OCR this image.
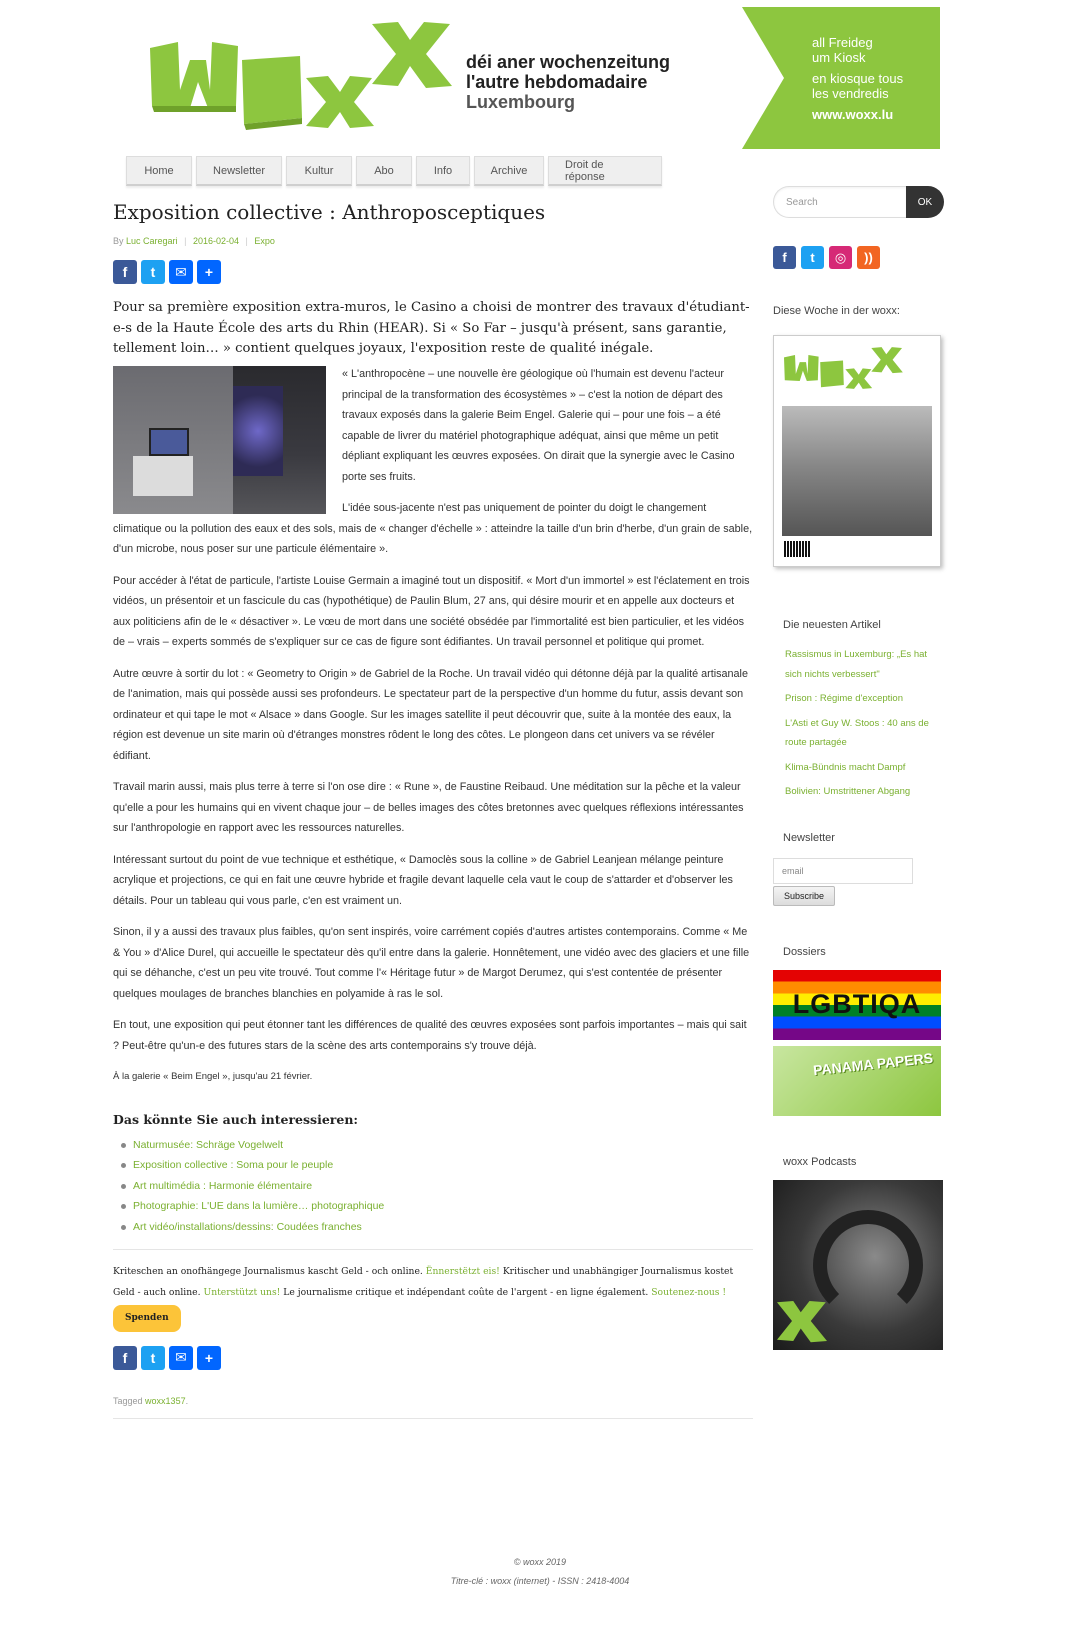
déi aner wochenzeitung
l'autre hebdomadaire
Luxembourg
all Freideg
um Kiosk
en kiosque tous
les vendredis
www.woxx.lu
Home	Newsletter	Kultur	Abo	Info	Archive	Droit de réponse
Exposition collective : Anthroposceptiques
By Luc Caregari | 2016-02-04 | Expo
f	t	✉	+

Pour sa première exposition extra-muros, le Casino a choisi de montrer des travaux d'étudiant-e-s de la Haute École des arts du Rhin (HEAR). Si « So Far – jusqu'à présent, sans garantie, tellement loin… » contient quelques joyaux, l'exposition reste de qualité inégale.

« L'anthropocène – une nouvelle ère géologique où l'humain est devenu l'acteur principal de la transformation des écosystèmes » – c'est la notion de départ des travaux exposés dans la galerie Beim Engel. Galerie qui – pour une fois – a été capable de livrer du matériel photographique adéquat, ainsi que même un petit dépliant expliquant les œuvres exposées. On dirait que la synergie avec le Casino porte ses fruits.

L'idée sous-jacente n'est pas uniquement de pointer du doigt le changement climatique ou la pollution des eaux et des sols, mais de « changer d'échelle » : atteindre la taille d'un brin d'herbe, d'un grain de sable, d'un microbe, nous poser sur une particule élémentaire ».

Pour accéder à l'état de particule, l'artiste Louise Germain a imaginé tout un dispositif. « Mort d'un immortel » est l'éclatement en trois vidéos, un présentoir et un fascicule du cas (hypothétique) de Paulin Blum, 27 ans, qui désire mourir et en appelle aux docteurs et aux politiciens afin de le « désactiver ». Le vœu de mort dans une société obsédée par l'immortalité est bien particulier, et les vidéos de – vrais – experts sommés de s'expliquer sur ce cas de figure sont édifiantes. Un travail personnel et politique qui promet.

Autre œuvre à sortir du lot : « Geometry to Origin » de Gabriel de la Roche. Un travail vidéo qui détonne déjà par la qualité artisanale de l'animation, mais qui possède aussi ses profondeurs. Le spectateur part de la perspective d'un homme du futur, assis devant son ordinateur et qui tape le mot « Alsace » dans Google. Sur les images satellite il peut découvrir que, suite à la montée des eaux, la région est devenue un site marin où d'étranges monstres rôdent le long des côtes. Le plongeon dans cet univers va se révéler édifiant.

Travail marin aussi, mais plus terre à terre si l'on ose dire : « Rune », de Faustine Reibaud. Une méditation sur la pêche et la valeur qu'elle a pour les humains qui en vivent chaque jour – de belles images des côtes bretonnes avec quelques réflexions intéressantes sur l'anthropologie en rapport avec les ressources naturelles.

Intéressant surtout du point de vue technique et esthétique, « Damoclès sous la colline » de Gabriel Leanjean mélange peinture acrylique et projections, ce qui en fait une œuvre hybride et fragile devant laquelle cela vaut le coup de s'attarder et d'observer les détails. Pour un tableau qui vous parle, c'en est vraiment un.

Sinon, il y a aussi des travaux plus faibles, qu'on sent inspirés, voire carrément copiés d'autres artistes contemporains. Comme « Me & You » d'Alice Durel, qui accueille le spectateur dès qu'il entre dans la galerie. Honnêtement, une vidéo avec des glaciers et une fille qui se déhanche, c'est un peu vite trouvé. Tout comme l'« Héritage futur » de Margot Derumez, qui s'est contentée de présenter quelques moulages de branches blanchies en polyamide à ras le sol.

En tout, une exposition qui peut étonner tant les différences de qualité des œuvres exposées sont parfois importantes – mais qui sait ? Peut-être qu'un-e des futures stars de la scène des arts contemporains s'y trouve déjà.

À la galerie « Beim Engel », jusqu'au 21 février.

Das könnte Sie auch interessieren:
Naturmusée: Schräge Vogelwelt
Exposition collective : Soma pour le peuple
Art multimédia : Harmonie élémentaire
Photographie: L'UE dans la lumière… photographique
Art vidéo/installations/dessins: Coudées franches
Kriteschen an onofhängege Journalismus kascht Geld - och online. Ënnerstëtzt eis! Kritischer und unabhängiger Journalismus kostet Geld - auch online. Unterstützt uns! Le journalisme critique et indépendant coûte de l'argent - en ligne également. Soutenez-nous !
Spenden
f	t	✉	+
Tagged woxx1357.
Search	OK
f	t	◎	))
Diese Woche in der woxx:
Die neuesten Artikel
Rassismus in Luxemburg: „Es hat sich nichts verbessert"
Prison : Régime d'exception
L'Asti et Guy W. Stoos : 40 ans de route partagée
Klima-Bündnis macht Dampf
Bolivien: Umstrittener Abgang
Newsletter
email
Subscribe
Dossiers
LGBTIQA
PANAMA PAPERS
woxx Podcasts
© woxx 2019
Titre-clé : woxx (internet) - ISSN : 2418-4004
